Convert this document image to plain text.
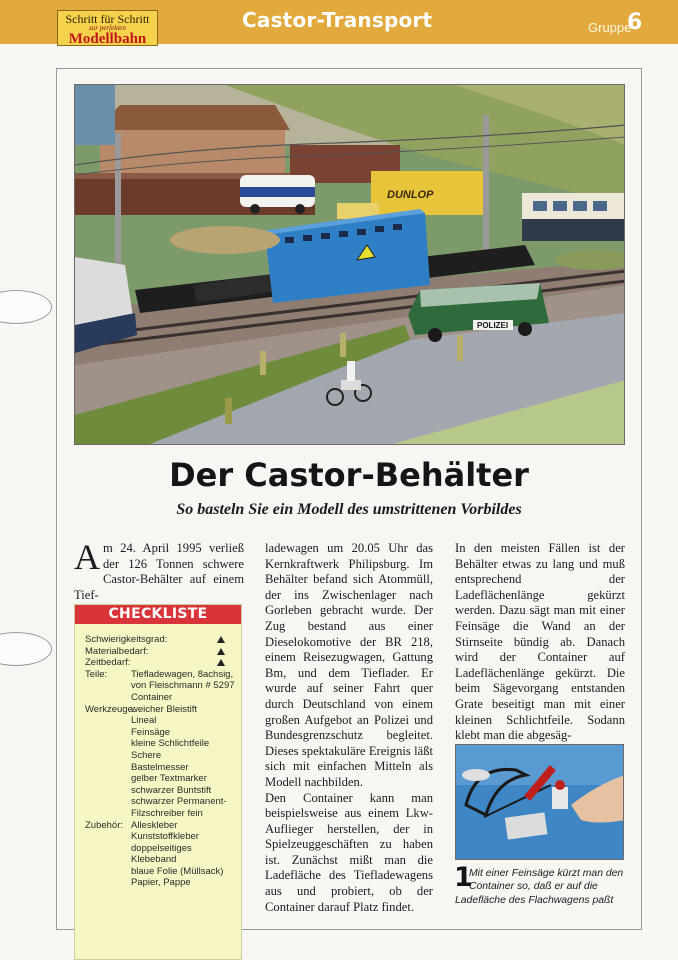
Schritt für Schritt
zur perfekten
Modellbahn
Castor-Transport	Gruppe
6
DUNLOP
POLIZEI
Der Castor-Behälter
So basteln Sie ein Modell des umstrittenen Vorbildes
Am 24. April 1995 verließ der 126 Tonnen schwere Castor-Behälter auf einem Tief-
CHECKLISTE
Schwierigkeitsgrad:
Materialbedarf:
Zeitbedarf:
Teile:	Tiefladewagen, 8achsig, von Fleischmann # 5297 Container
Werkzeuge:
weicher Bleistift
Lineal
Feinsäge
kleine Schlichtfeile
Schere
Bastelmesser
gelber Textmarker
schwarzer Buntstift
schwarzer Permanent-Filzschreiber fein
Zubehör: Alleskleber
Kunststoffkleber
doppelseitiges Klebeband
blaue Folie (Müllsack)
Papier, Pappe
ladewagen um 20.05 Uhr das Kernkraftwerk Philipsburg. Im Behälter befand sich Atommüll, der ins Zwischenlager nach Gorleben gebracht wurde. Der Zug bestand aus einer Dieselokomotive der BR 218, einem Reisezugwagen, Gattung Bm, und dem Tieflader. Er wurde auf seiner Fahrt quer durch Deutschland von einem großen Aufgebot an Polizei und Bundesgrenzschutz begleitet. Dieses spektakuläre Ereignis läßt sich mit einfachen Mitteln als Modell nachbilden.
Den Container kann man beispielsweise aus einem Lkw-Auflieger herstellen, der in Spielzeuggeschäften zu haben ist. Zunächst mißt man die Ladefläche des Tiefladewagens aus und probiert, ob der Container darauf Platz findet.
In den meisten Fällen ist der Behälter etwas zu lang und muß entsprechend der Ladeflächenlänge gekürzt werden. Dazu sägt man mit einer Feinsäge die Wand an der Stirnseite bündig ab. Danach wird der Container auf Ladeflächenlänge gekürzt. Die beim Sägevorgang entstanden Grate beseitigt man mit einer kleinen Schlichtfeile. Sodann klebt man die abgesäg-
1
Mit einer Feinsäge kürzt man den Container so, daß er auf die
Ladefläche des Flachwagens paßt
